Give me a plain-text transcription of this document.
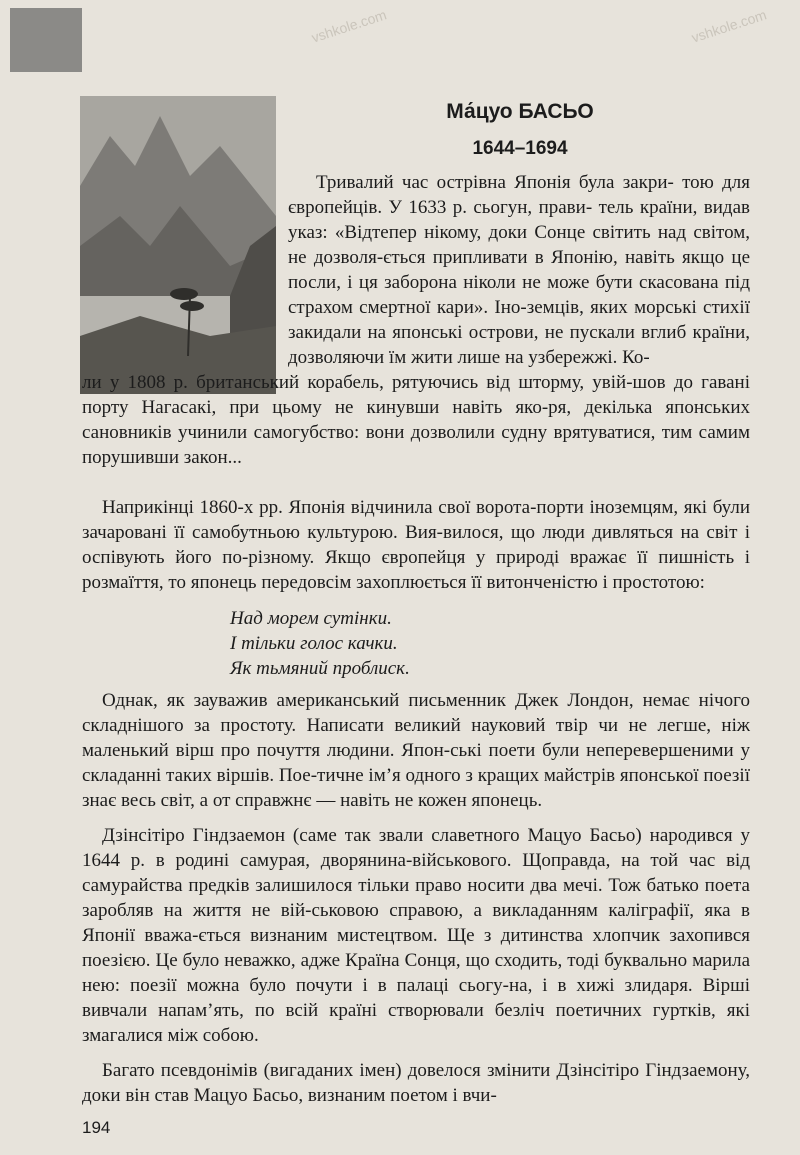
vshkole.com	vshkole.com
Ма́цуо БАСЬО
1644–1694

Тривалий час острівна Японія була закри- тою для європейців. У 1633 р. сьогун, прави- тель країни, видав указ: «Відтепер нікому, доки Сонце світить над світом, не дозволя-ється припливати в Японію, навіть якщо це посли, і ця заборона ніколи не може бути скасована під страхом смертної кари». Іно-земців, яких морські стихії закидали на японські острови, не пускали вглиб країни, дозволяючи їм жити лише на узбережжі. Ко-

ли у 1808 р. британський корабель, рятуючись від шторму, увій-шов до гавані порту Нагасакі, при цьому не кинувши навіть яко-ря, декілька японських сановників учинили самогубство: вони дозволили судну врятуватися, тим самим порушивши закон...

Наприкінці 1860-х рр. Японія відчинила свої ворота-порти іноземцям, які були зачаровані її самобутньою культурою. Вия-вилося, що люди дивляться на світ і оспівують його по-різному. Якщо європейця у природі вражає її пишність і розмаїття, то японець передовсім захоплюється її витонченістю і простотою:

Над морем сутінки.
І тільки голос качки.
Як тьмяний проблиск.

Однак, як зауважив американський письменник Джек Лондон, немає нічого складнішого за простоту. Написати великий науковий твір чи не легше, ніж маленький вірш про почуття людини. Япон-ські поети були неперевершеними у складанні таких віршів. Пое-тичне ім’я одного з кращих майстрів японської поезії знає весь світ, а от справжнє — навіть не кожен японець.

Дзінсітіро Гіндзаемон (саме так звали славетного Мацуо Басьо) народився у 1644 р. в родині самурая, дворянина-військового. Щоправда, на той час від самурайства предків залишилося тільки право носити два мечі. Тож батько поета заробляв на життя не вій-ськовою справою, а викладанням каліграфії, яка в Японії вважа-ється визнаним мистецтвом. Ще з дитинства хлопчик захопився поезією. Це було неважко, адже Країна Сонця, що сходить, тоді буквально марила нею: поезії можна було почути і в палаці сьогу-на, і в хижі злидаря. Вірші вивчали напам’ять, по всій країні створювали безліч поетичних гуртків, які змагалися між собою.

Багато псевдонімів (вигаданих імен) довелося змінити Дзінсітіро Гіндзаемону, доки він став Мацуо Басьо, визнаним поетом і вчи-

194
